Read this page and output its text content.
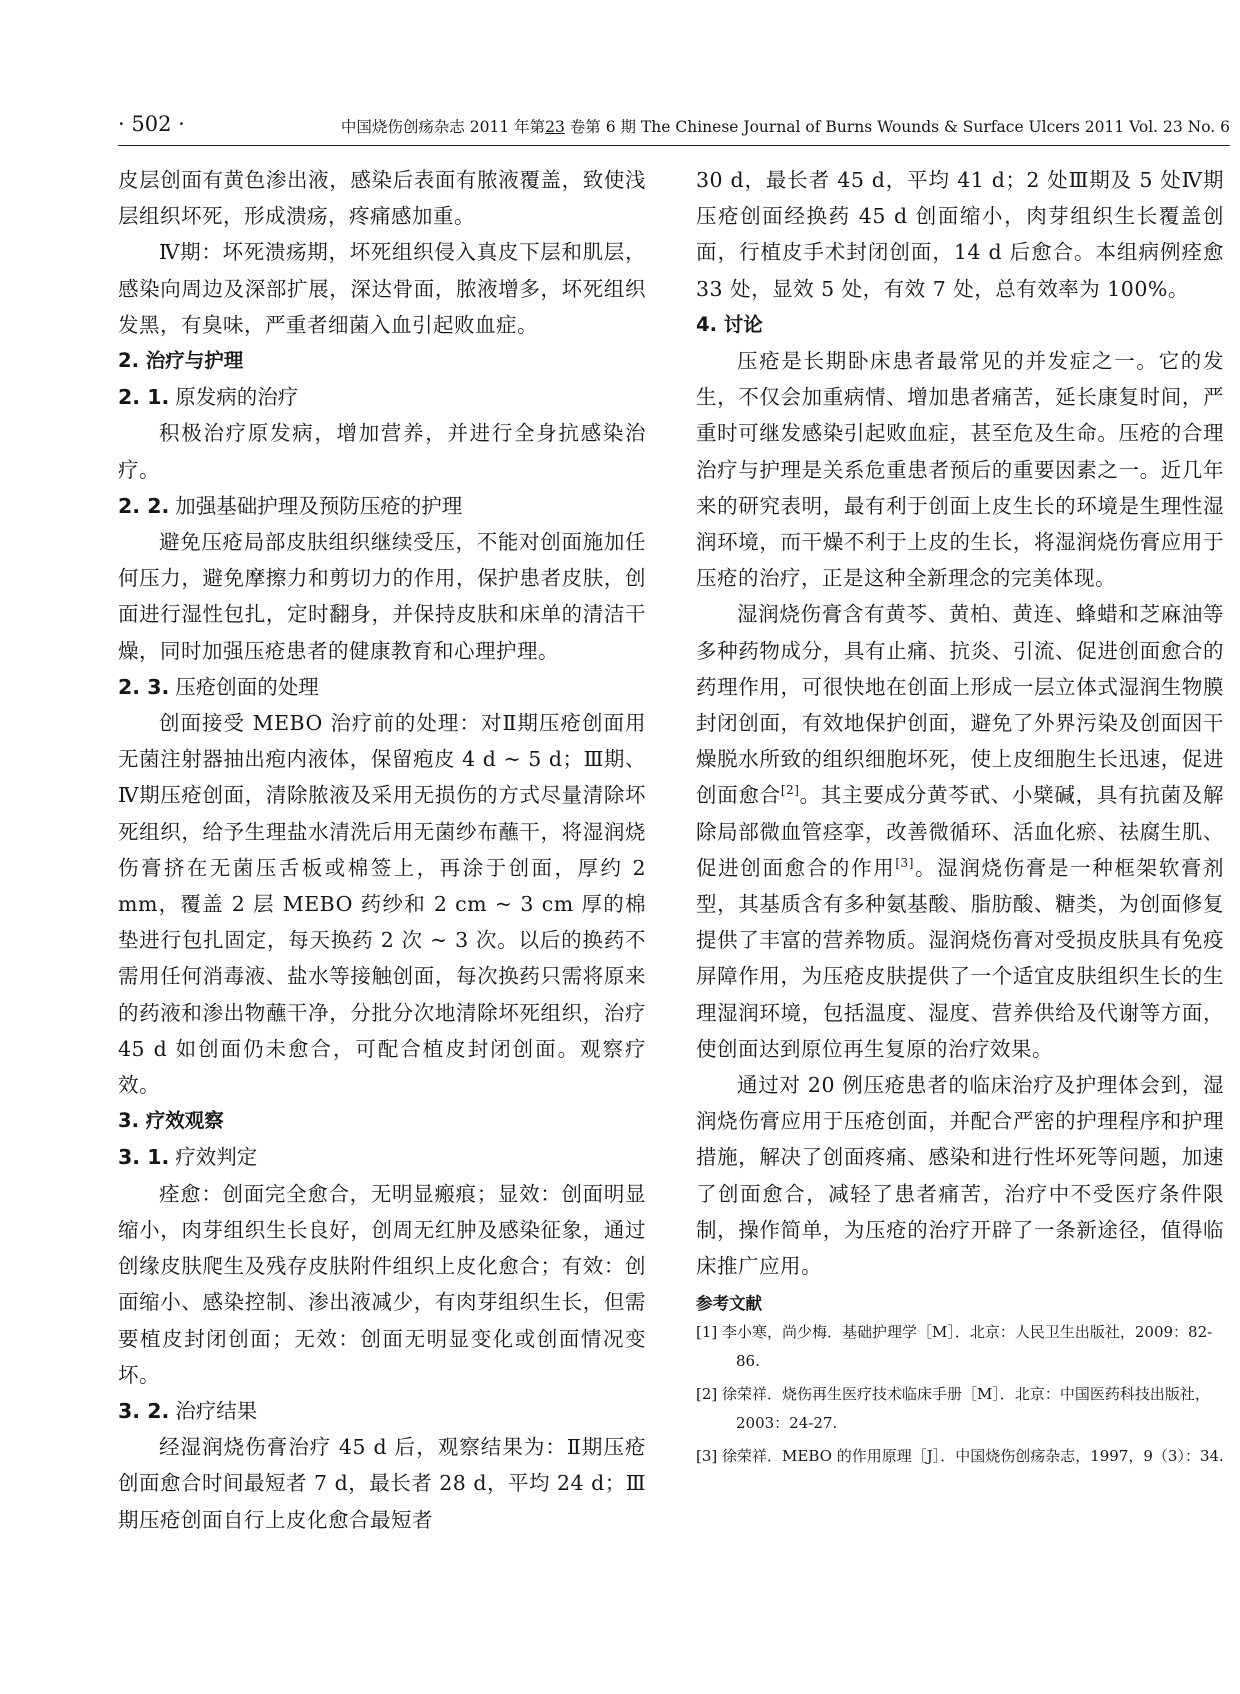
· 502 ·	中国烧伤创疡杂志 2011 年第23 卷第 6 期 The Chinese Journal of Burns Wounds & Surface Ulcers 2011 Vol. 23 No. 6

皮层创面有黄色渗出液，感染后表面有脓液覆盖，致使浅层组织坏死，形成溃疡，疼痛感加重。

Ⅳ期：坏死溃疡期，坏死组织侵入真皮下层和肌层，感染向周边及深部扩展，深达骨面，脓液增多，坏死组织发黑，有臭味，严重者细菌入血引起败血症。

2. 治疗与护理

2. 1. 原发病的治疗

积极治疗原发病，增加营养，并进行全身抗感染治疗。

2. 2. 加强基础护理及预防压疮的护理

避免压疮局部皮肤组织继续受压，不能对创面施加任何压力，避免摩擦力和剪切力的作用，保护患者皮肤，创面进行湿性包扎，定时翻身，并保持皮肤和床单的清洁干燥，同时加强压疮患者的健康教育和心理护理。

2. 3. 压疮创面的处理

创面接受 MEBO 治疗前的处理：对Ⅱ期压疮创面用无菌注射器抽出疱内液体，保留疱皮 4 d ~ 5 d；Ⅲ期、Ⅳ期压疮创面，清除脓液及采用无损伤的方式尽量清除坏死组织，给予生理盐水清洗后用无菌纱布蘸干，将湿润烧伤膏挤在无菌压舌板或棉签上，再涂于创面，厚约 2 mm，覆盖 2 层 MEBO 药纱和 2 cm ~ 3 cm 厚的棉垫进行包扎固定，每天换药 2 次 ~ 3 次。以后的换药不需用任何消毒液、盐水等接触创面，每次换药只需将原来的药液和渗出物蘸干净，分批分次地清除坏死组织，治疗 45 d 如创面仍未愈合，可配合植皮封闭创面。观察疗效。

3. 疗效观察

3. 1. 疗效判定

痊愈：创面完全愈合，无明显瘢痕；显效：创面明显缩小，肉芽组织生长良好，创周无红肿及感染征象，通过创缘皮肤爬生及残存皮肤附件组织上皮化愈合；有效：创面缩小、感染控制、渗出液减少，有肉芽组织生长，但需要植皮封闭创面；无效：创面无明显变化或创面情况变坏。

3. 2. 治疗结果

经湿润烧伤膏治疗 45 d 后，观察结果为：Ⅱ期压疮创面愈合时间最短者 7 d，最长者 28 d，平均 24 d；Ⅲ期压疮创面自行上皮化愈合最短者

30 d，最长者 45 d，平均 41 d；2 处Ⅲ期及 5 处Ⅳ期压疮创面经换药 45 d 创面缩小，肉芽组织生长覆盖创面，行植皮手术封闭创面，14 d 后愈合。本组病例痊愈 33 处，显效 5 处，有效 7 处，总有效率为 100%。

4. 讨论

压疮是长期卧床患者最常见的并发症之一。它的发生，不仅会加重病情、增加患者痛苦，延长康复时间，严重时可继发感染引起败血症，甚至危及生命。压疮的合理治疗与护理是关系危重患者预后的重要因素之一。近几年来的研究表明，最有利于创面上皮生长的环境是生理性湿润环境，而干燥不利于上皮的生长，将湿润烧伤膏应用于压疮的治疗，正是这种全新理念的完美体现。

湿润烧伤膏含有黄芩、黄柏、黄连、蜂蜡和芝麻油等多种药物成分，具有止痛、抗炎、引流、促进创面愈合的药理作用，可很快地在创面上形成一层立体式湿润生物膜封闭创面，有效地保护创面，避免了外界污染及创面因干燥脱水所致的组织细胞坏死，使上皮细胞生长迅速，促进创面愈合[2]。其主要成分黄芩甙、小檗碱，具有抗菌及解除局部微血管痉挛，改善微循环、活血化瘀、祛腐生肌、促进创面愈合的作用[3]。湿润烧伤膏是一种框架软膏剂型，其基质含有多种氨基酸、脂肪酸、糖类，为创面修复提供了丰富的营养物质。湿润烧伤膏对受损皮肤具有免疫屏障作用，为压疮皮肤提供了一个适宜皮肤组织生长的生理湿润环境，包括温度、湿度、营养供给及代谢等方面，使创面达到原位再生复原的治疗效果。

通过对 20 例压疮患者的临床治疗及护理体会到，湿润烧伤膏应用于压疮创面，并配合严密的护理程序和护理措施，解决了创面疼痛、感染和进行性坏死等问题，加速了创面愈合，减轻了患者痛苦，治疗中不受医疗条件限制，操作简单，为压疮的治疗开辟了一条新途径，值得临床推广应用。

参考文献

[1] 李小寒，尚少梅．基础护理学［M］．北京：人民卫生出版社，2009：82-86.

[2] 徐荣祥．烧伤再生医疗技术临床手册［M］．北京：中国医药科技出版社，2003：24-27.

[3] 徐荣祥．MEBO 的作用原理［J］．中国烧伤创疡杂志，1997，9（3）：34.
